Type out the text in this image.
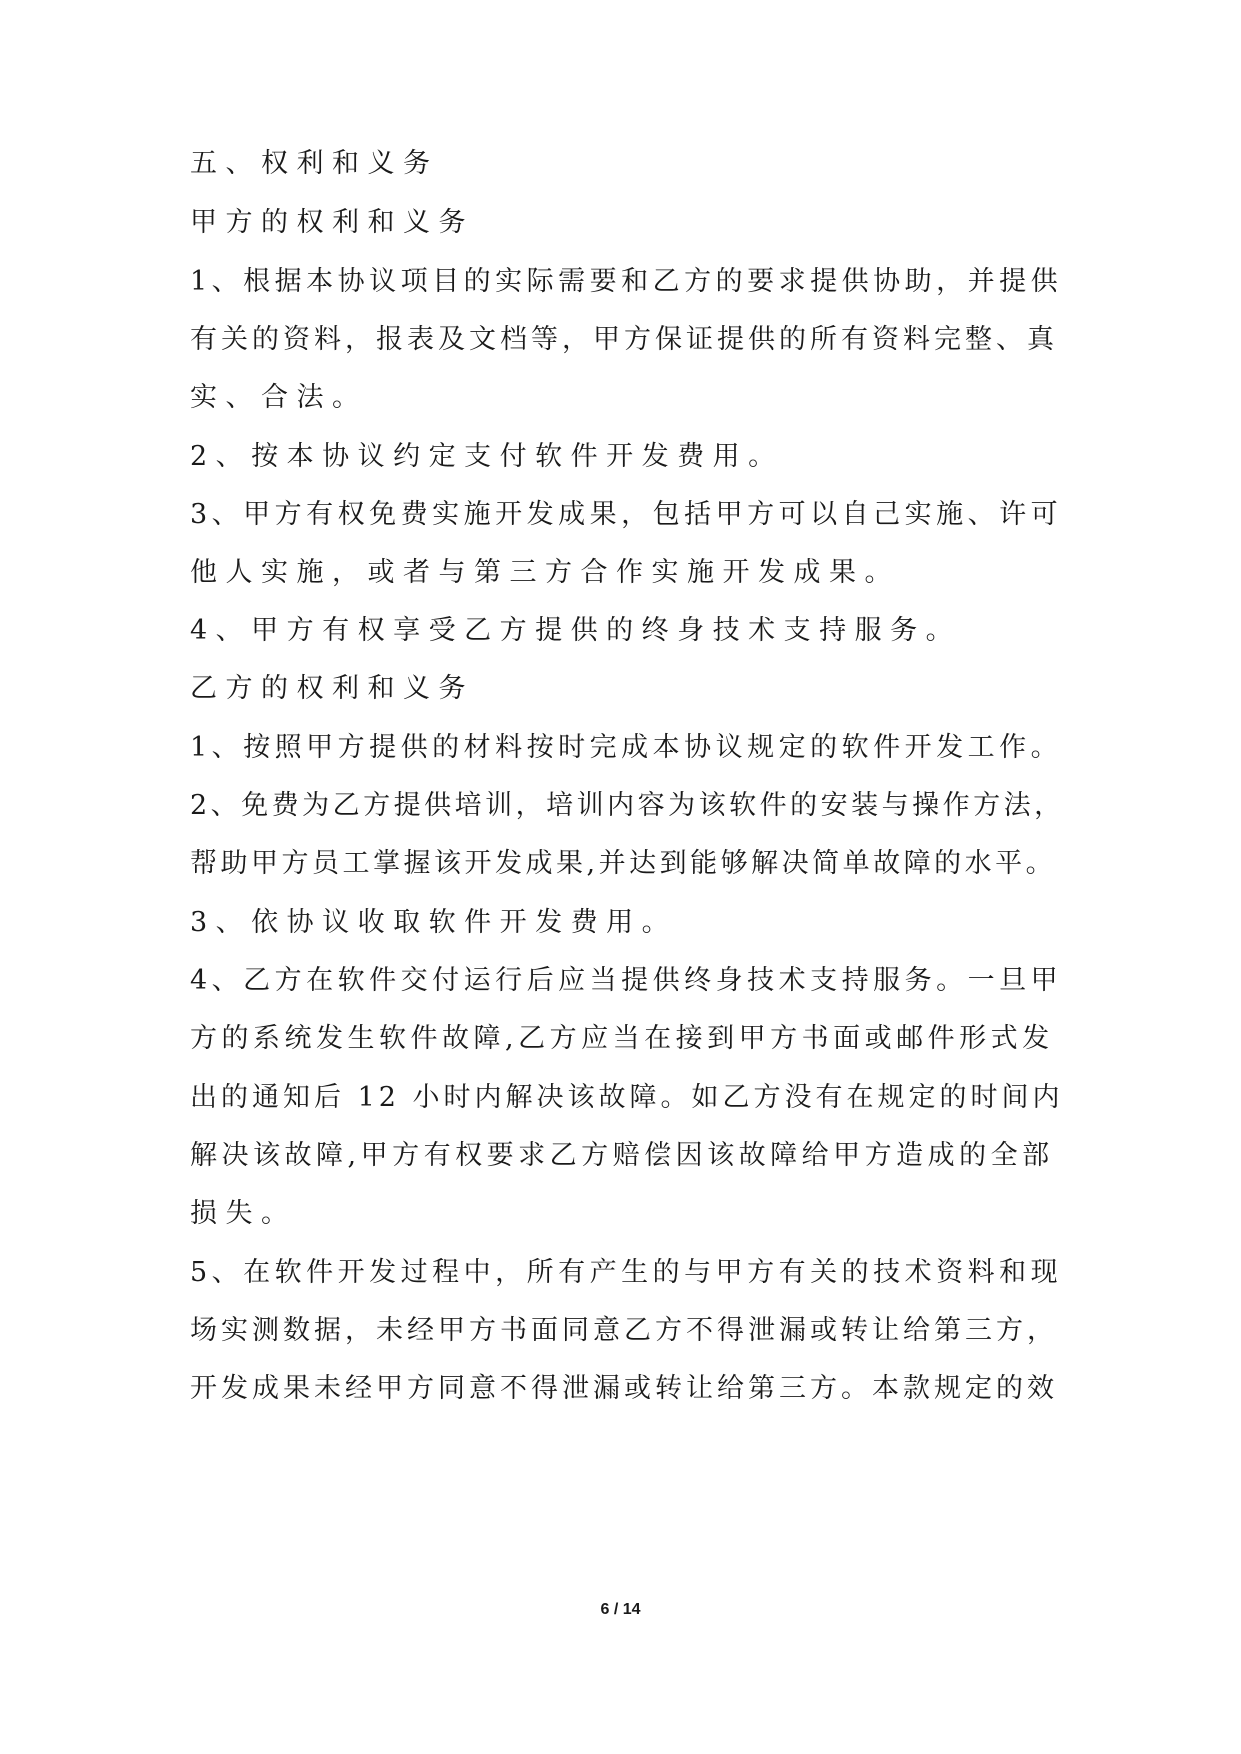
五、权利和义务
甲方的权利和义务
1、根据本协议项目的实际需要和乙方的要求提供协助，并提供
有关的资料，报表及文档等，甲方保证提供的所有资料完整、真
实、合法。
2、按本协议约定支付软件开发费用。
3、甲方有权免费实施开发成果，包括甲方可以自己实施、许可
他人实施，或者与第三方合作实施开发成果。
4、甲方有权享受乙方提供的终身技术支持服务。
乙方的权利和义务
1、按照甲方提供的材料按时完成本协议规定的软件开发工作。
2、免费为乙方提供培训，培训内容为该软件的安装与操作方法，
帮助甲方员工掌握该开发成果,并达到能够解决简单故障的水平。
3、依协议收取软件开发费用。
4、乙方在软件交付运行后应当提供终身技术支持服务。一旦甲
方的系统发生软件故障,乙方应当在接到甲方书面或邮件形式发
出的通知后 12 小时内解决该故障。如乙方没有在规定的时间内
解决该故障,甲方有权要求乙方赔偿因该故障给甲方造成的全部
损失。
5、在软件开发过程中，所有产生的与甲方有关的技术资料和现
场实测数据，未经甲方书面同意乙方不得泄漏或转让给第三方，
开发成果未经甲方同意不得泄漏或转让给第三方。本款规定的效
6 / 14
